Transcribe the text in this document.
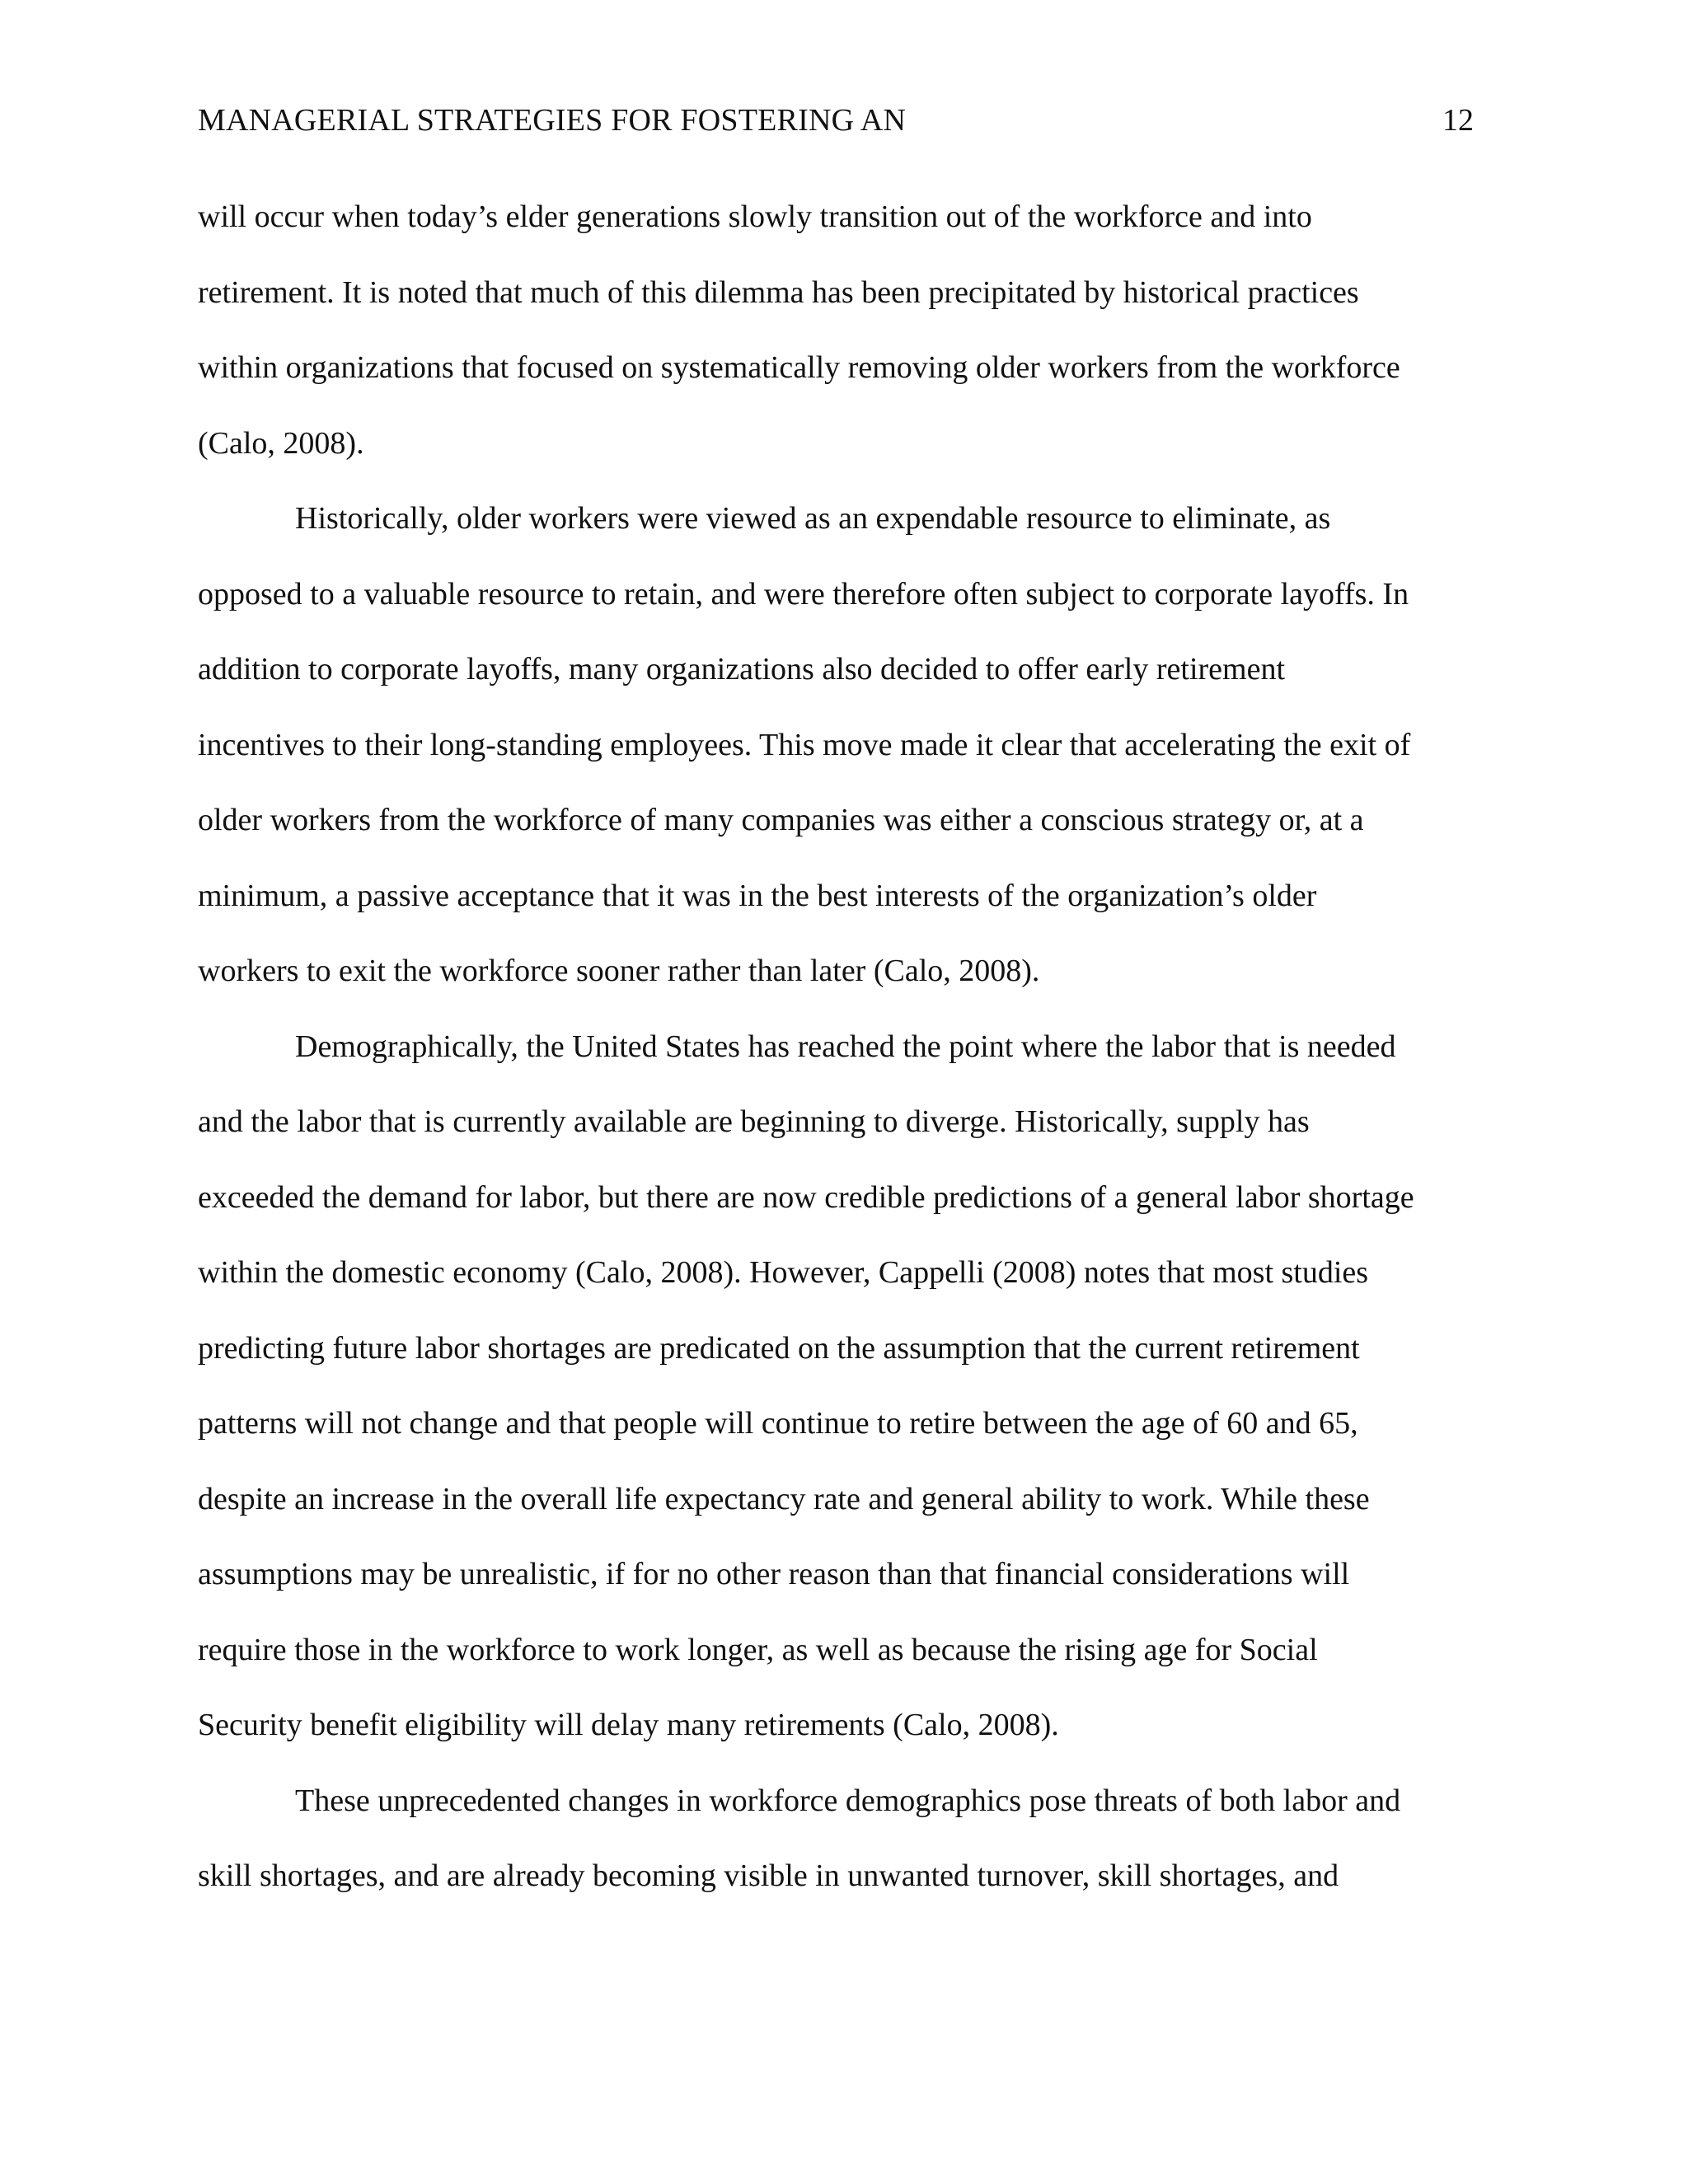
MANAGERIAL STRATEGIES FOR FOSTERING AN	12
will occur when today’s elder generations slowly transition out of the workforce and into
retirement. It is noted that much of this dilemma has been precipitated by historical practices
within organizations that focused on systematically removing older workers from the workforce
(Calo, 2008).
Historically, older workers were viewed as an expendable resource to eliminate, as
opposed to a valuable resource to retain, and were therefore often subject to corporate layoffs. In
addition to corporate layoffs, many organizations also decided to offer early retirement
incentives to their long-standing employees. This move made it clear that accelerating the exit of
older workers from the workforce of many companies was either a conscious strategy or, at a
minimum, a passive acceptance that it was in the best interests of the organization’s older
workers to exit the workforce sooner rather than later (Calo, 2008).
Demographically, the United States has reached the point where the labor that is needed
and the labor that is currently available are beginning to diverge. Historically, supply has
exceeded the demand for labor, but there are now credible predictions of a general labor shortage
within the domestic economy (Calo, 2008). However, Cappelli (2008) notes that most studies
predicting future labor shortages are predicated on the assumption that the current retirement
patterns will not change and that people will continue to retire between the age of 60 and 65,
despite an increase in the overall life expectancy rate and general ability to work. While these
assumptions may be unrealistic, if for no other reason than that financial considerations will
require those in the workforce to work longer, as well as because the rising age for Social
Security benefit eligibility will delay many retirements (Calo, 2008).
These unprecedented changes in workforce demographics pose threats of both labor and
skill shortages, and are already becoming visible in unwanted turnover, skill shortages, and
